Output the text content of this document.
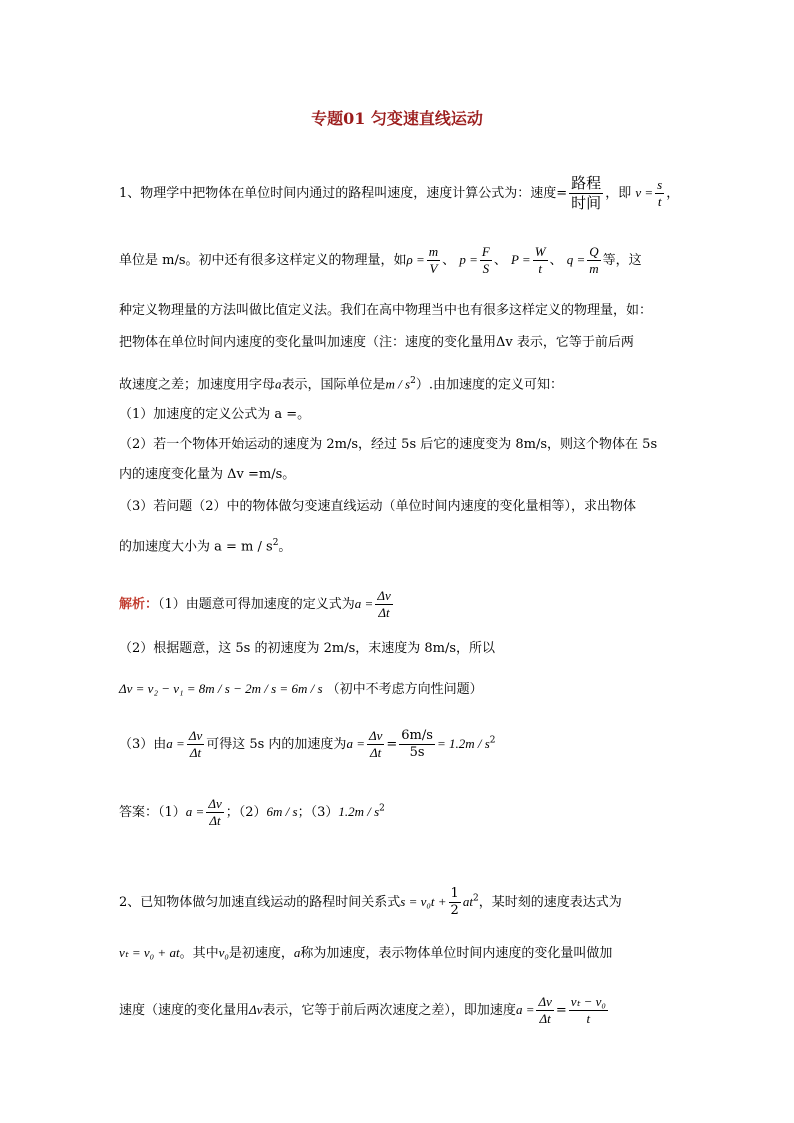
专题01 匀变速直线运动
1、物理学中把物体在单位时间内通过的路程叫速度，速度计算公式为：速度= $\frac{\text{路程}}{\text{时间}}$ ，即 $v = \frac{s}{t}$ ，
单位是 m/s。初中还有很多这样定义的物理量，如$\rho = \frac{m}{V}$ 、 $p = \frac{F}{S}$ 、 $P = \frac{W}{t}$ 、 $q = \frac{Q}{m}$ 等，这
种定义物理量的方法叫做比值定义法。我们在高中物理当中也有很多这样定义的物理量，如：
把物体在单位时间内速度的变化量叫加速度（注：速度的变化量用Δv 表示，它等于前后两
故速度之差；加速度用字母a表示，国际单位是m / $s^2$）.由加速度的定义可知：
（1）加速度的定义公式为 a =。
（2）若一个物体开始运动的速度为 2m/s，经过 5s 后它的速度变为 8m/s，则这个物体在 5s
内的速度变化量为 Δv =m/s。
（3）若问题（2）中的物体做匀变速直线运动（单位时间内速度的变化量相等），求出物体
的加速度大小为 $a = m / s^2$。
解析：（1）由题意可得加速度的定义式为$a = \frac{\Delta v}{\Delta t}$
（2）根据题意，这 5s 的初速度为 2m/s，末速度为 8m/s，所以
Δv = v₂ − v₁ = 8m / s − 2m / s = 6m / s （初中不考虑方向性问题）
（3）由$a = \frac{\Delta v}{\Delta t}$ 可得这 5s 内的加速度为$a = \frac{\Delta v}{\Delta t} = \frac{6m/s}{5s} = 1.2m / s^2$
答案：$(1)a = \frac{\Delta v}{\Delta t}$ ；（2）6m / s；$(3)1.2m / s^2$
2、已知物体做匀加速直线运动的路程时间关系式$s = v_0t + \frac{1}{2} at^2$，某时刻的速度表达式为
vₜ = v₀ + at。其中v₀是初速度，a称为加速度，表示物体单位时间内速度的变化量叫做加
速度（速度的变化量用Δv表示，它等于前后两次速度之差），即加速度$a = \frac{\Delta v}{\Delta t} = \frac{\text{vₜ − v₀}}{t}$
